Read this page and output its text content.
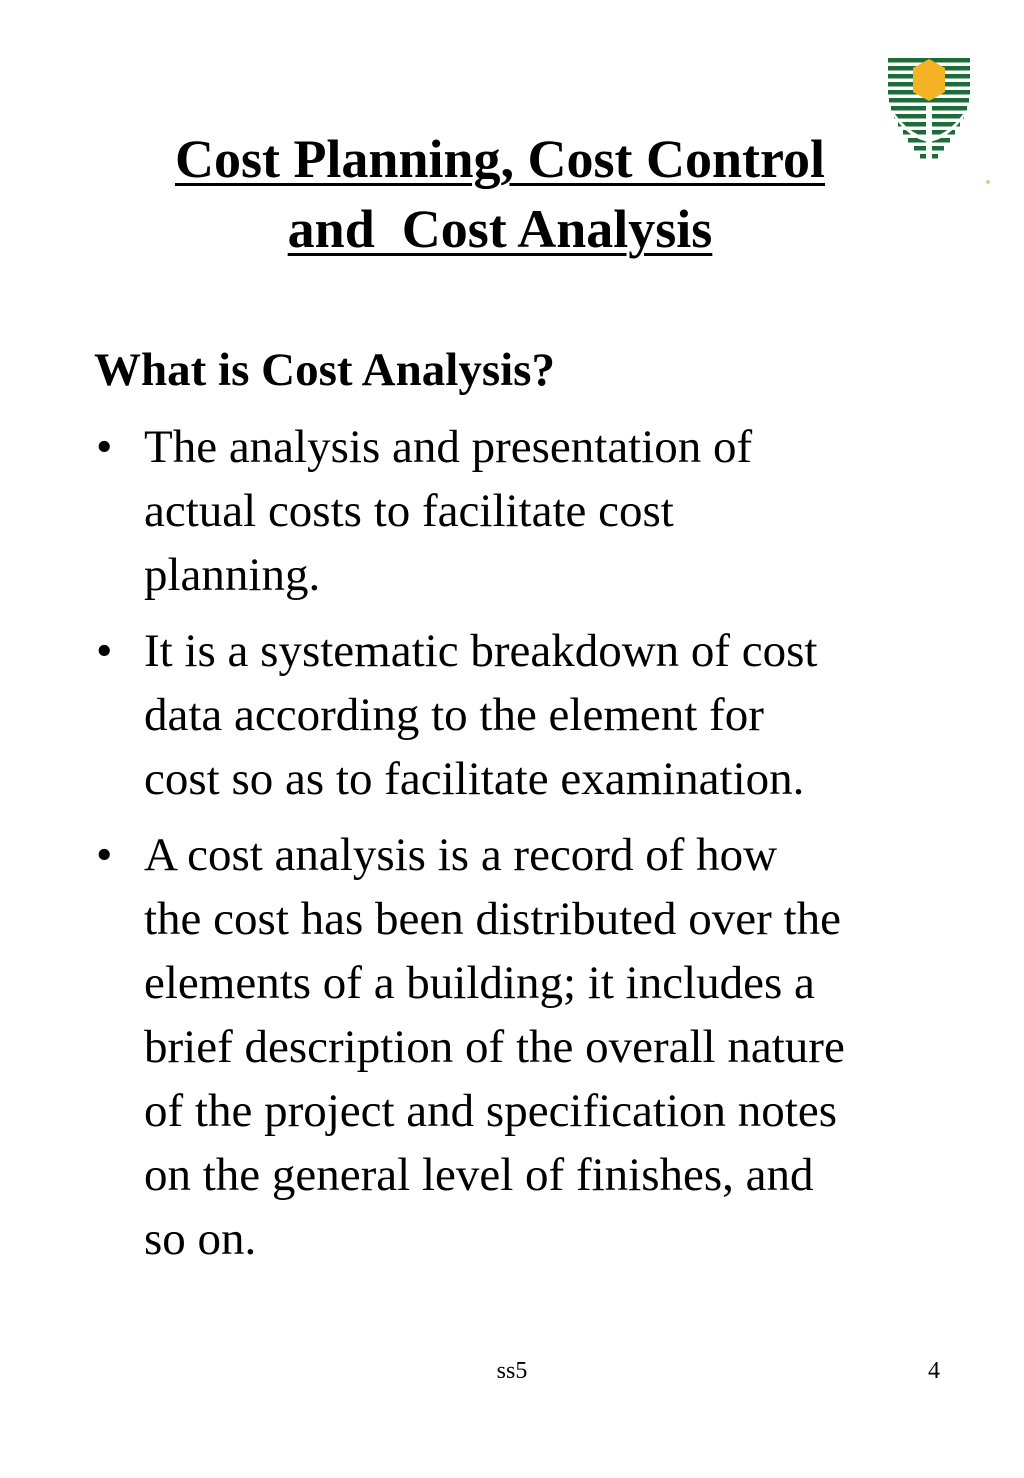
Cost Planning, Cost Control
and  Cost Analysis
What is Cost Analysis?
• The analysis and presentation of
actual costs to facilitate cost
planning.
• It is a systematic breakdown of cost
data according to the element for
cost so as to facilitate examination.
• A cost analysis is a record of how
the cost has been distributed over the
elements of a building; it includes a
brief description of the overall nature
of the project and specification notes
on the general level of finishes, and
so on.
ss5	4
